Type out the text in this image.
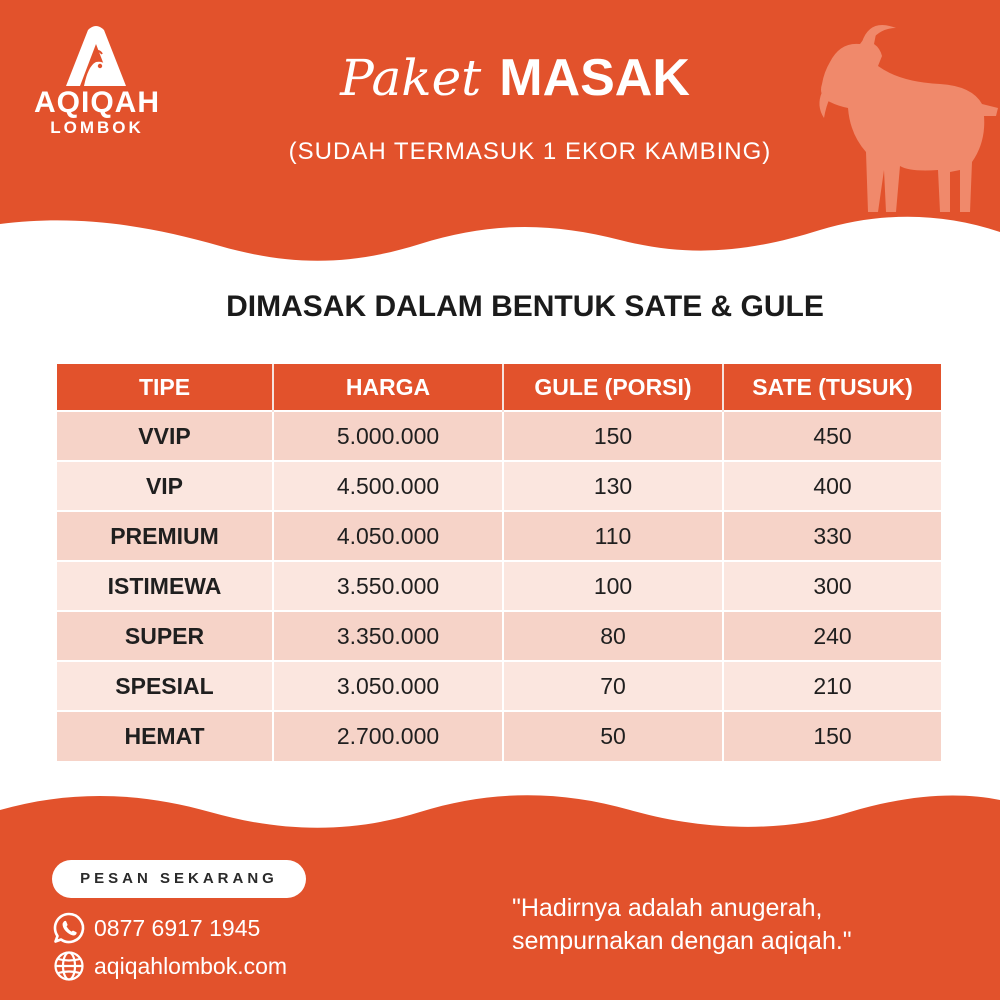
AQIQAH
LOMBOK
Paket MASAK
(SUDAH TERMASUK 1 EKOR KAMBING)
DIMASAK DALAM BENTUK SATE & GULE
TIPE	HARGA	GULE (PORSI)	SATE (TUSUK)
VVIP	5.000.000	150	450
VIP	4.500.000	130	400
PREMIUM	4.050.000	110	330
ISTIMEWA	3.550.000	100	300
SUPER	3.350.000	80	240
SPESIAL	3.050.000	70	210
HEMAT	2.700.000	50	150
PESAN SEKARANG
0877 6917 1945
aqiqahlombok.com
"Hadirnya adalah anugerah,
sempurnakan dengan aqiqah."
